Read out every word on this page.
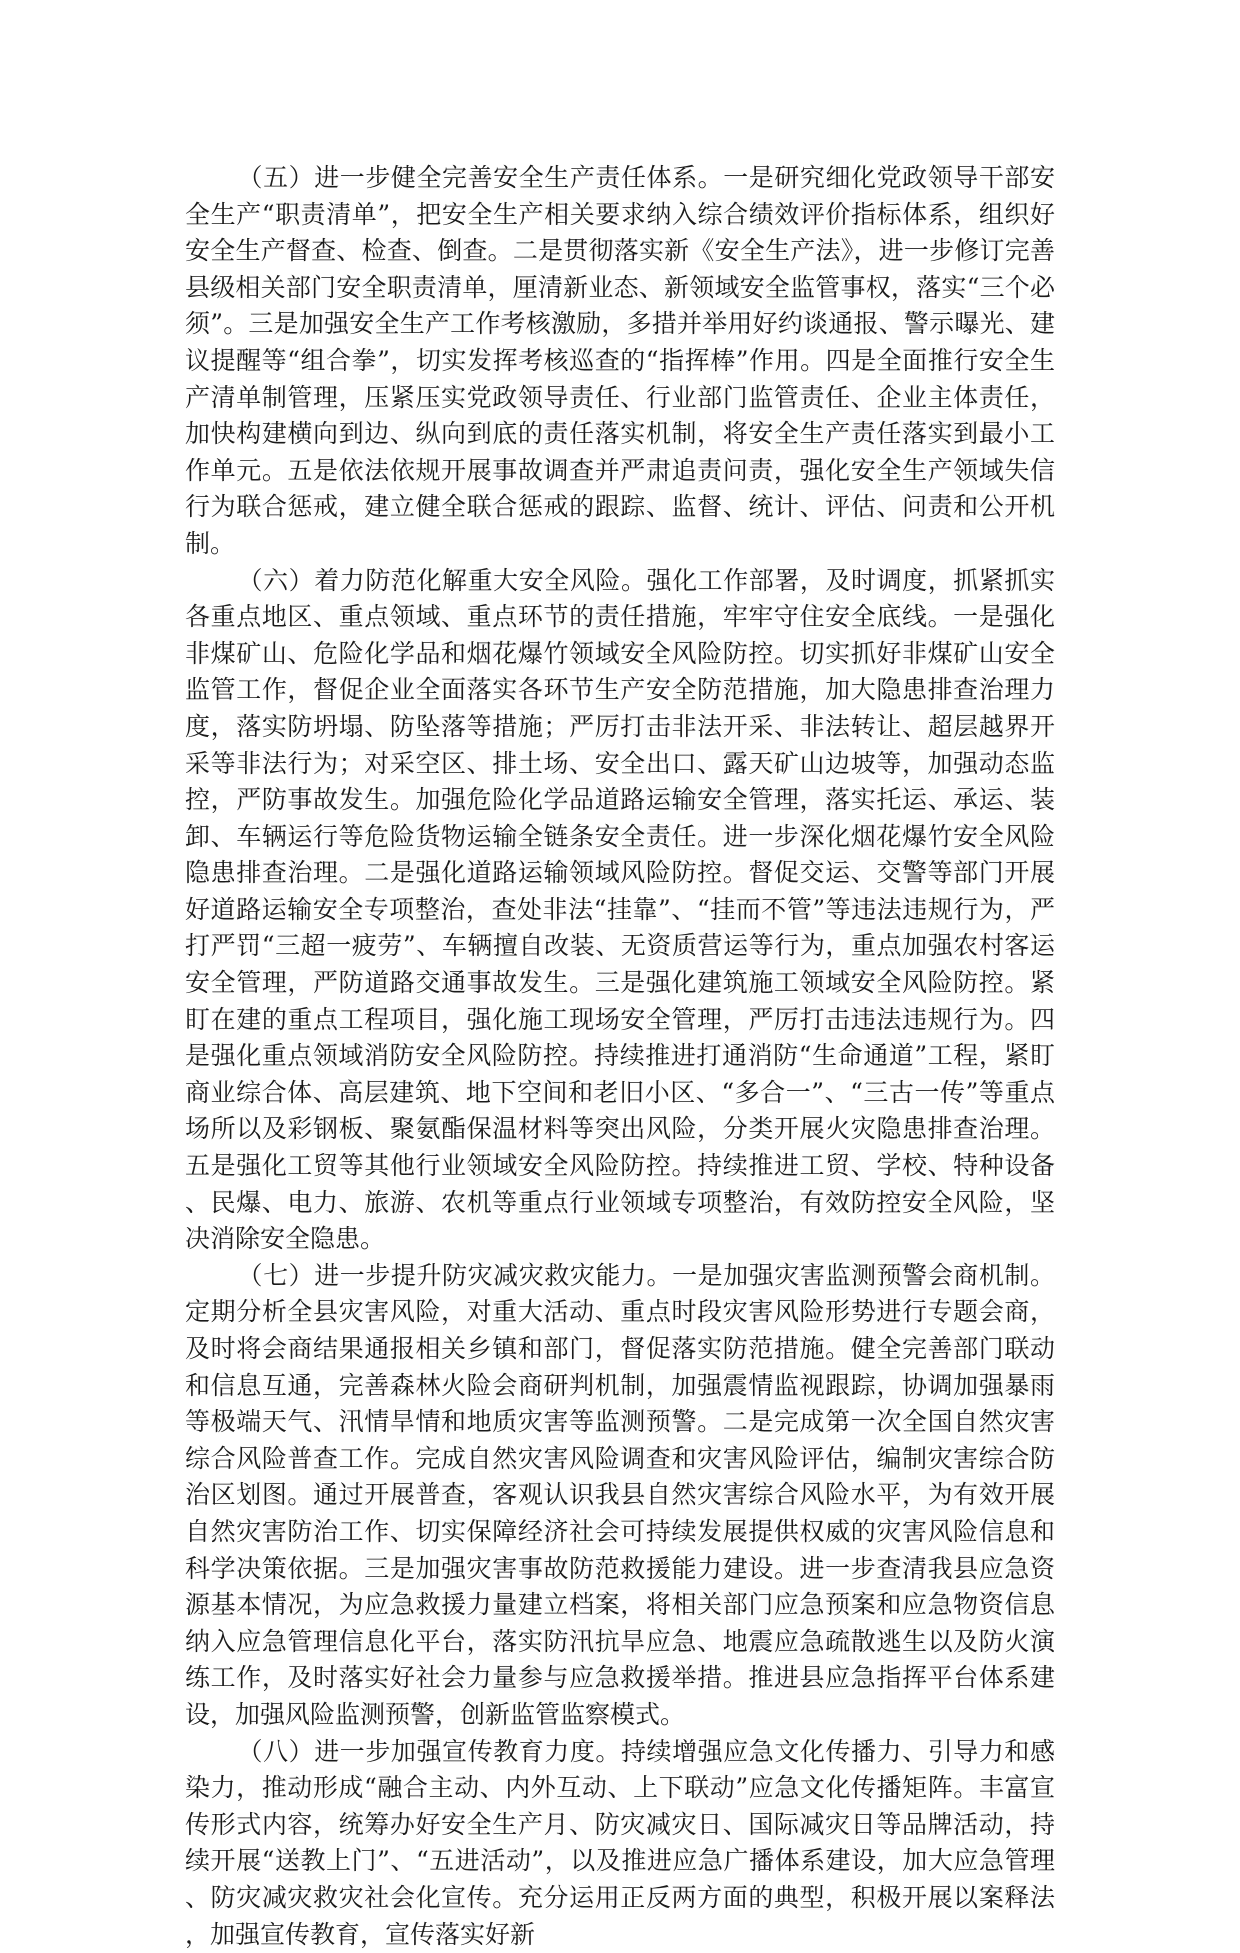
（五）进一步健全完善安全生产责任体系。一是研究细化党政领导干部安全生产“职责清单”，把安全生产相关要求纳入综合绩效评价指标体系，组织好安全生产督查、检查、倒查。二是贯彻落实新《安全生产法》，进一步修订完善县级相关部门安全职责清单，厘清新业态、新领域安全监管事权，落实“三个必须”。三是加强安全生产工作考核激励，多措并举用好约谈通报、警示曝光、建议提醒等“组合拳”，切实发挥考核巡查的“指挥棒”作用。四是全面推行安全生产清单制管理，压紧压实党政领导责任、行业部门监管责任、企业主体责任，加快构建横向到边、纵向到底的责任落实机制，将安全生产责任落实到最小工作单元。五是依法依规开展事故调查并严肃追责问责，强化安全生产领域失信行为联合惩戒，建立健全联合惩戒的跟踪、监督、统计、评估、问责和公开机制。

（六）着力防范化解重大安全风险。强化工作部署，及时调度，抓紧抓实各重点地区、重点领域、重点环节的责任措施，牢牢守住安全底线。一是强化非煤矿山、危险化学品和烟花爆竹领域安全风险防控。切实抓好非煤矿山安全监管工作，督促企业全面落实各环节生产安全防范措施，加大隐患排查治理力度，落实防坍塌、防坠落等措施；严厉打击非法开采、非法转让、超层越界开采等非法行为；对采空区、排土场、安全出口、露天矿山边坡等，加强动态监控，严防事故发生。加强危险化学品道路运输安全管理，落实托运、承运、装卸、车辆运行等危险货物运输全链条安全责任。进一步深化烟花爆竹安全风险隐患排查治理。二是强化道路运输领域风险防控。督促交运、交警等部门开展好道路运输安全专项整治，查处非法“挂靠”、“挂而不管”等违法违规行为，严打严罚“三超一疲劳”、车辆擅自改装、无资质营运等行为，重点加强农村客运安全管理，严防道路交通事故发生。三是强化建筑施工领域安全风险防控。紧盯在建的重点工程项目，强化施工现场安全管理，严厉打击违法违规行为。四是强化重点领域消防安全风险防控。持续推进打通消防“生命通道”工程，紧盯商业综合体、高层建筑、地下空间和老旧小区、“多合一”、“三古一传”等重点场所以及彩钢板、聚氨酯保温材料等突出风险，分类开展火灾隐患排查治理。五是强化工贸等其他行业领域安全风险防控。持续推进工贸、学校、特种设备、民爆、电力、旅游、农机等重点行业领域专项整治，有效防控安全风险，坚决消除安全隐患。

（七）进一步提升防灾减灾救灾能力。一是加强灾害监测预警会商机制。定期分析全县灾害风险，对重大活动、重点时段灾害风险形势进行专题会商，及时将会商结果通报相关乡镇和部门，督促落实防范措施。健全完善部门联动和信息互通，完善森林火险会商研判机制，加强震情监视跟踪，协调加强暴雨等极端天气、汛情旱情和地质灾害等监测预警。二是完成第一次全国自然灾害综合风险普查工作。完成自然灾害风险调查和灾害风险评估，编制灾害综合防治区划图。通过开展普查，客观认识我县自然灾害综合风险水平，为有效开展自然灾害防治工作、切实保障经济社会可持续发展提供权威的灾害风险信息和科学决策依据。三是加强灾害事故防范救援能力建设。进一步查清我县应急资源基本情况，为应急救援力量建立档案，将相关部门应急预案和应急物资信息纳入应急管理信息化平台，落实防汛抗旱应急、地震应急疏散逃生以及防火演练工作，及时落实好社会力量参与应急救援举措。推进县应急指挥平台体系建设，加强风险监测预警，创新监管监察模式。

（八）进一步加强宣传教育力度。持续增强应急文化传播力、引导力和感染力，推动形成“融合主动、内外互动、上下联动”应急文化传播矩阵。丰富宣传形式内容，统筹办好安全生产月、防灾减灾日、国际减灾日等品牌活动，持续开展“送教上门”、“五进活动”，以及推进应急广播体系建设，加大应急管理、防灾减灾救灾社会化宣传。充分运用正反两方面的典型，积极开展以案释法，加强宣传教育，宣传落实好新
